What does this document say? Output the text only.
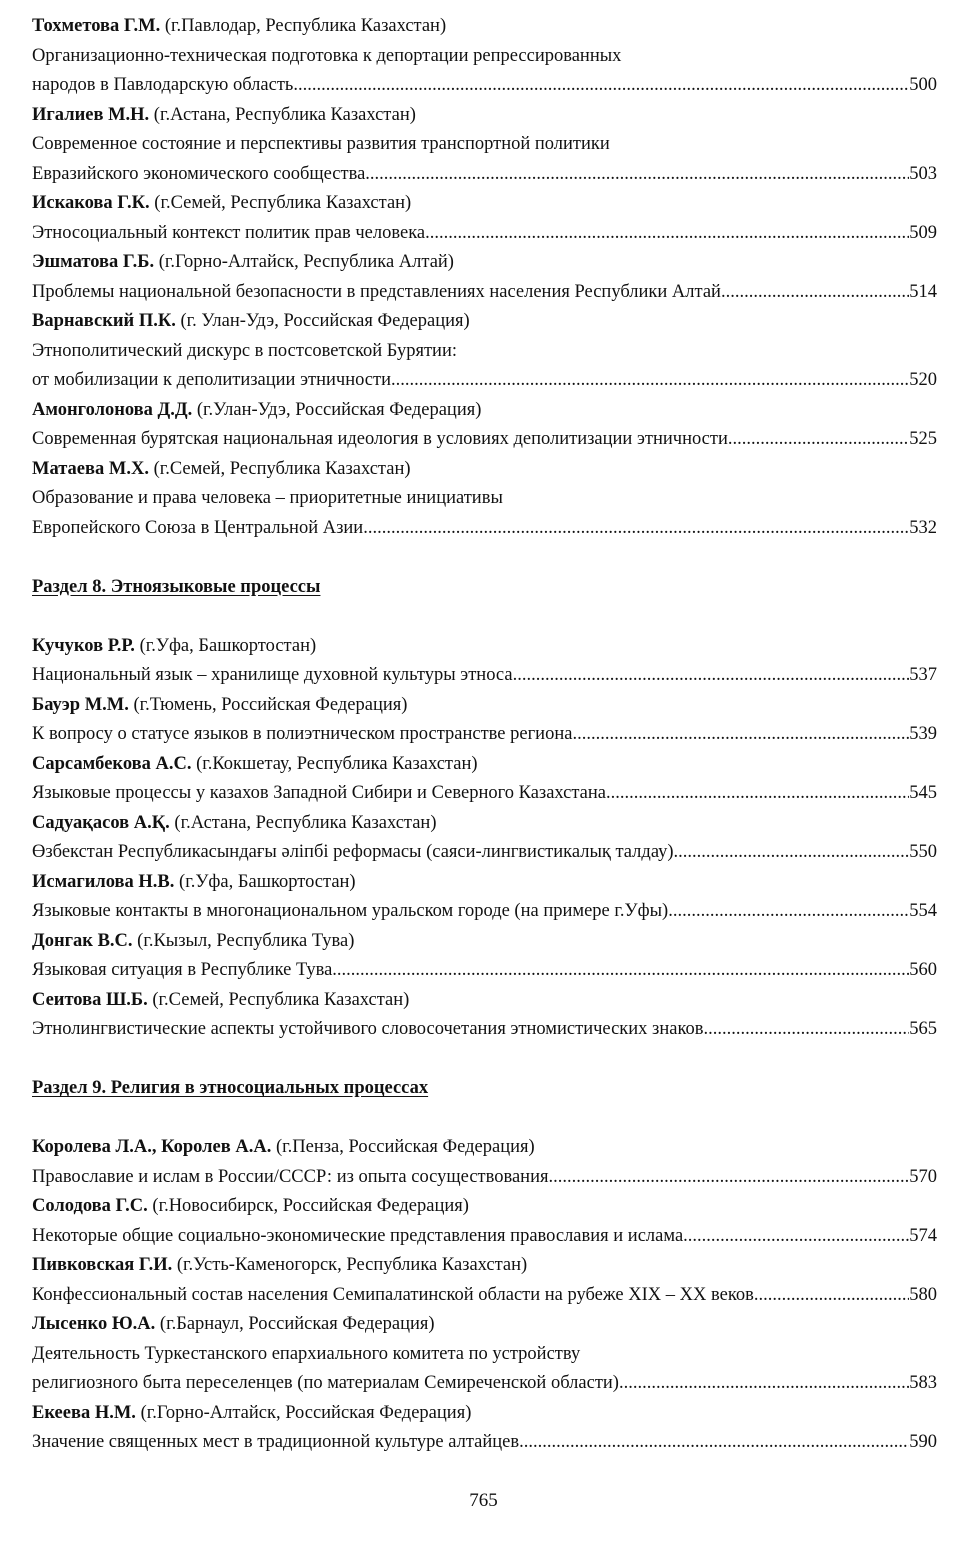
Тохметова Г.М. (г.Павлодар, Республика Казахстан)
Организационно-техническая подготовка к депортации репрессированных
народов в Павлодарскую область .....	500
Игалиев М.Н. (г.Астана, Республика Казахстан)
Современное состояние и перспективы развития транспортной политики
Евразийского экономического сообщества .....	503
Искакова Г.К. (г.Семей, Республика Казахстан)
Этносоциальный контекст политик прав человека .....	509
Эшматова Г.Б. (г.Горно-Алтайск, Республика Алтай)
Проблемы национальной безопасности в представлениях населения Республики Алтай .....	514
Варнавский П.К. (г. Улан-Удэ, Российская Федерация)
Этнополитический дискурс в постсоветской Бурятии:
от мобилизации к деполитизации этничности .....	520
Амонголонова Д.Д. (г.Улан-Удэ, Российская Федерация)
Современная бурятская национальная идеология в условиях деполитизации этничности .....	525
Матаева М.Х. (г.Семей, Республика Казахстан)
Образование и права человека – приоритетные инициативы
Европейского Союза в Центральной Азии .....	532
Раздел 8. Этноязыковые процессы
Кучуков Р.Р. (г.Уфа, Башкортостан)
Национальный язык – хранилище духовной культуры этноса .....	537
Бауэр М.М. (г.Тюмень, Российская Федерация)
К вопросу о статусе языков в полиэтническом пространстве региона .....	539
Сарсамбекова А.С. (г.Кокшетау, Республика Казахстан)
Языковые процессы у казахов Западной Сибири и Северного Казахстана .....	545
Садуақасов А.Қ. (г.Астана, Республика Казахстан)
Өзбекстан Республикасындағы әліпбі реформасы (саяси-лингвистикалық талдау) .....	550
Исмагилова Н.В. (г.Уфа, Башкортостан)
Языковые контакты в многонациональном уральском городе (на примере г.Уфы) .....	554
Донгак В.С. (г.Кызыл, Республика Тува)
Языковая ситуация в Республике Тува .....	560
Сеитова Ш.Б. (г.Семей, Республика Казахстан)
Этнолингвистические аспекты устойчивого словосочетания этномистических знаков .....	565
Раздел 9. Религия в этносоциальных процессах
Королева Л.А., Королев А.А. (г.Пенза, Российская Федерация)
Православие и ислам в России/СССР: из опыта сосуществования .....	570
Солодова Г.С. (г.Новосибирск, Российская Федерация)
Некоторые общие социально-экономические представления православия и ислама .....	574
Пивковская Г.И. (г.Усть-Каменогорск, Республика Казахстан)
Конфессиональный состав населения Семипалатинской области на рубеже XIX – XX веков .....	580
Лысенко Ю.А. (г.Барнаул, Российская Федерация)
Деятельность Туркестанского епархиального комитета по устройству
религиозного быта переселенцев (по материалам Семиреченской области) .....	583
Екеева Н.М. (г.Горно-Алтайск, Российская Федерация)
Значение священных мест в традиционной культуре алтайцев .....	590
765
